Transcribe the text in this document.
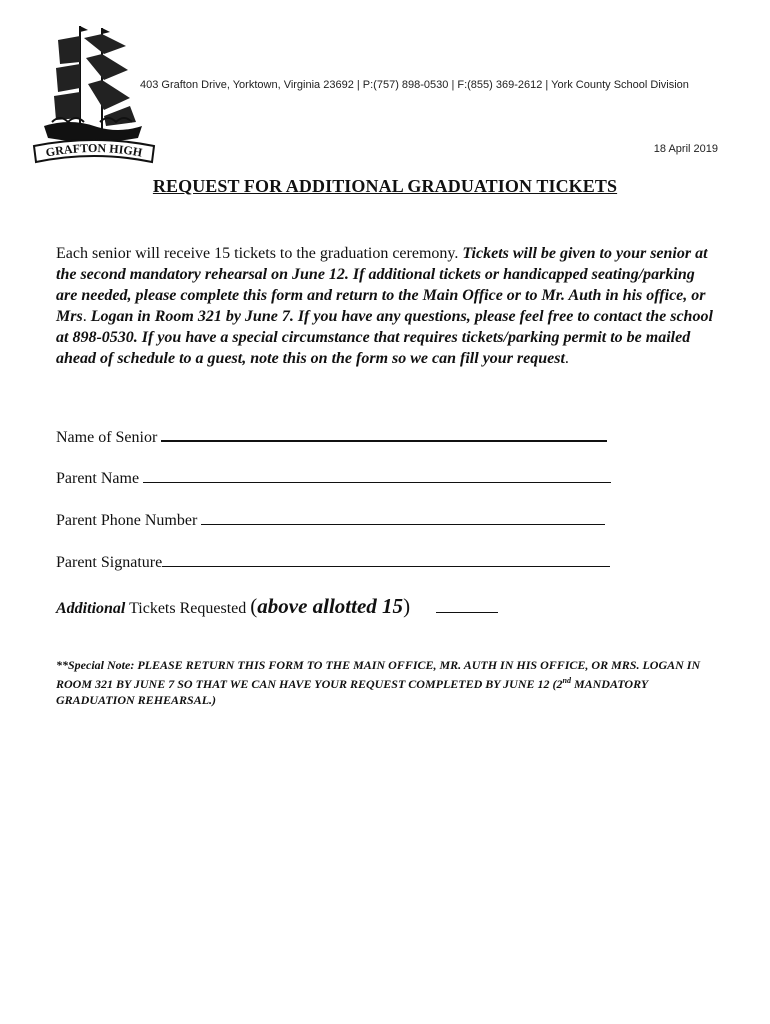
GRAFTON HIGH
403 Grafton Drive, Yorktown, Virginia 23692 | P:(757) 898-0530 | F:(855) 369-2612 | York County School Division
18 April 2019
REQUEST FOR ADDITIONAL GRADUATION TICKETS
Each senior will receive 15 tickets to the graduation ceremony. Tickets will be given to your senior at the second mandatory rehearsal on June 12. If additional tickets or handicapped seating/parking are needed, please complete this form and return to the Main Office or to Mr. Auth in his office, or Mrs. Logan in Room 321 by June 7. If you have any questions, please feel free to contact the school at 898-0530. If you have a special circumstance that requires tickets/parking permit to be mailed ahead of schedule to a guest, note this on the form so we can fill your request.
Name of Senior
Parent Name
Parent Phone Number
Parent Signature
Additional Tickets Requested (above allotted 15)
**Special Note: PLEASE RETURN THIS FORM TO THE MAIN OFFICE, MR. AUTH IN HIS OFFICE, OR MRS. LOGAN IN ROOM 321 BY JUNE 7 SO THAT WE CAN HAVE YOUR REQUEST COMPLETED BY JUNE 12 (2nd MANDATORY GRADUATION REHEARSAL.)
